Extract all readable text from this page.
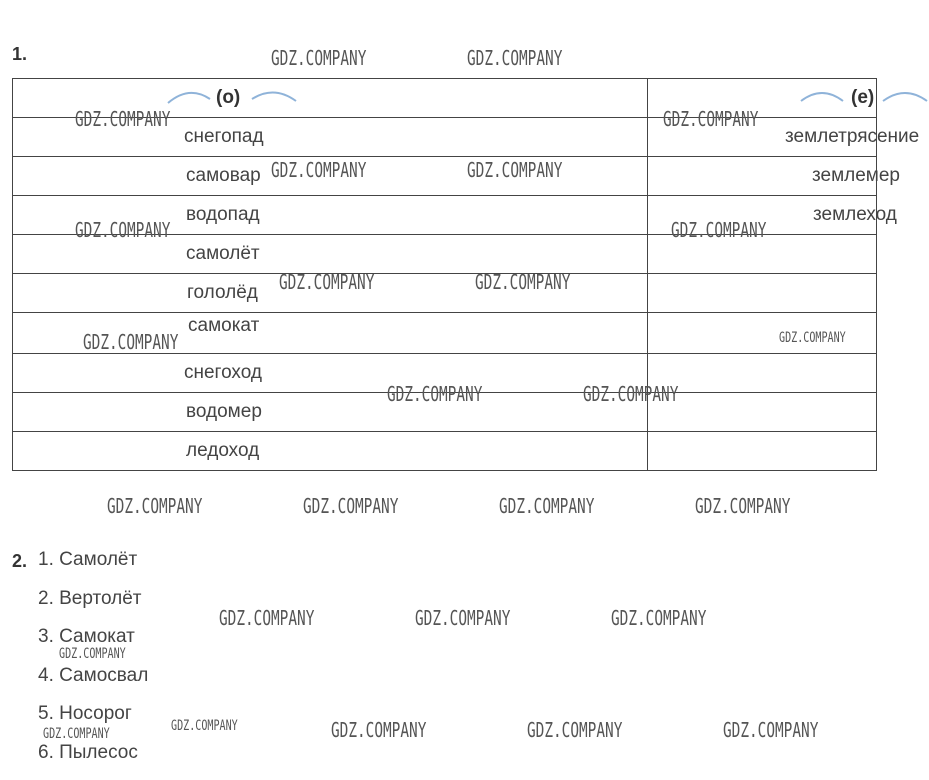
1.
(о)	(е)

снегопад	землетрясение
самовар	землемер
водопад	землеход
самолёт	
гололёд	
самокат	
снегоход	
водомер	
ледоход	
2. 1. Самолёт
2. Вертолёт
3. Самокат
4. Самосвал
5. Носорог
6. Пылесос
GDZ.COMPANY	GDZ.COMPANY
GDZ.COMPANY	GDZ.COMPANY
GDZ.COMPANY	GDZ.COMPANY
GDZ.COMPANY	GDZ.COMPANY
GDZ.COMPANY	GDZ.COMPANY
GDZ.COMPANY	GDZ.COMPANY
GDZ.COMPANY	GDZ.COMPANY
GDZ.COMPANY	GDZ.COMPANY	GDZ.COMPANY	GDZ.COMPANY
GDZ.COMPANY	GDZ.COMPANY	GDZ.COMPANY
GDZ.COMPANY
GDZ.COMPANY
GDZ.COMPANY	GDZ.COMPANY	GDZ.COMPANY	GDZ.COMPANY
